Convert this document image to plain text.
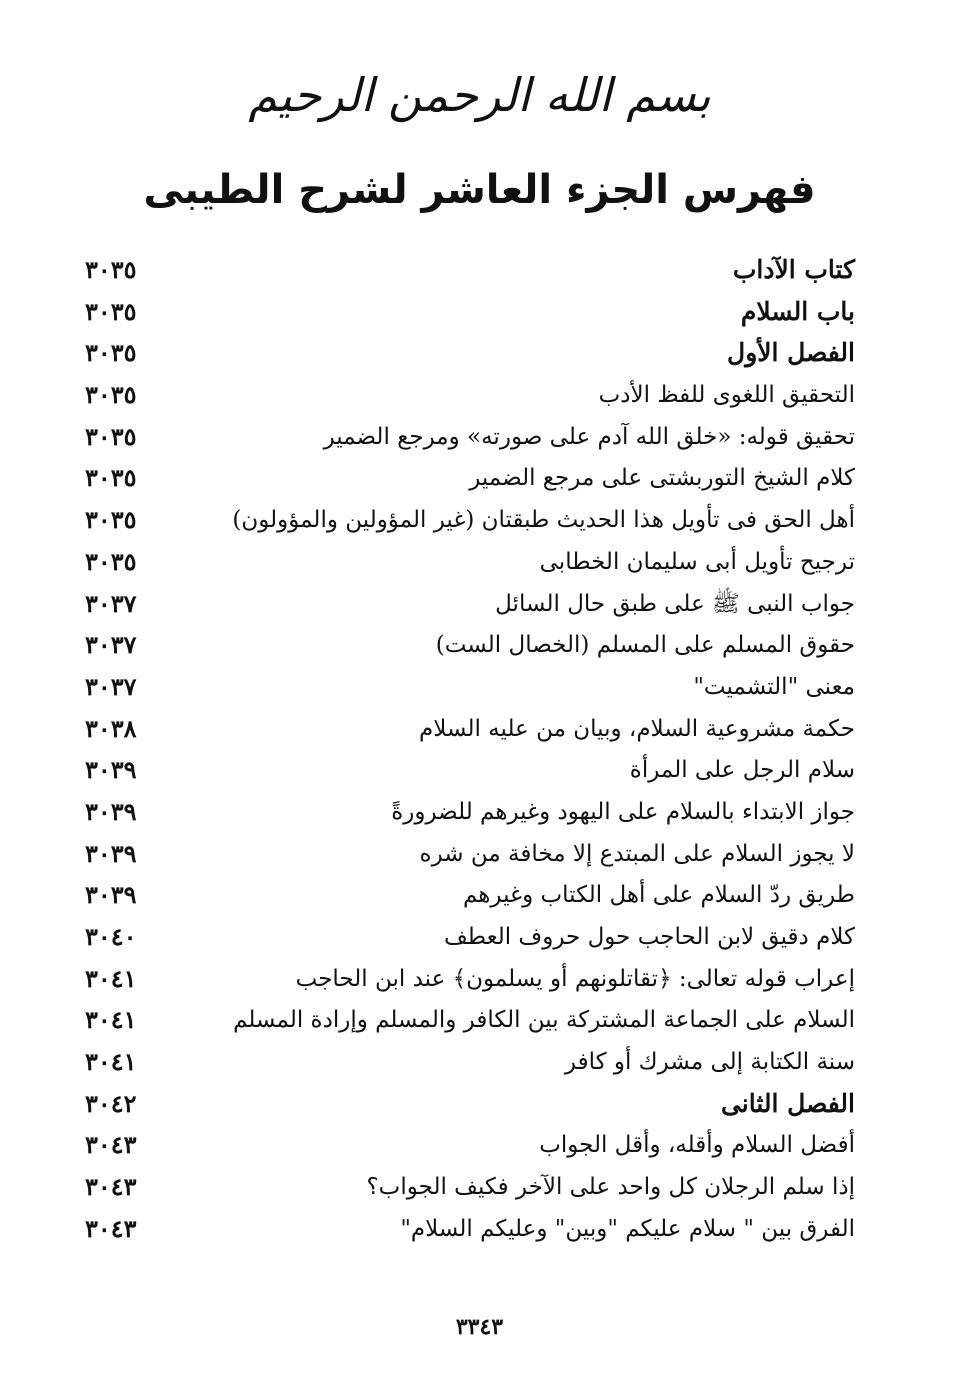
بسم الله الرحمن الرحيم
فهرس الجزء العاشر لشرح الطيبى
كتاب الآداب
٣٠٣٥
باب السلام
٣٠٣٥
الفصل الأول
٣٠٣٥
التحقيق اللغوى للفظ الأدب
٣٠٣٥
تحقيق قوله: «خلق الله آدم على صورته» ومرجع الضمير
٣٠٣٥
كلام الشيخ التوربشتى على مرجع الضمير
٣٠٣٥
أهل الحق فى تأويل هذا الحديث طبقتان (غير المؤولين والمؤولون)
٣٠٣٥
ترجيح تأويل أبى سليمان الخطابى
٣٠٣٥
جواب النبى ﷺ على طبق حال السائل
٣٠٣٧
حقوق المسلم على المسلم (الخصال الست)
٣٠٣٧
معنى "التشميت"
٣٠٣٧
حكمة مشروعية السلام، وبيان من عليه السلام
٣٠٣٨
سلام الرجل على المرأة
٣٠٣٩
جواز الابتداء بالسلام على اليهود وغيرهم للضرورةً
٣٠٣٩
لا يجوز السلام على المبتدع إلا مخافة من شره
٣٠٣٩
طريق ردّ السلام على أهل الكتاب وغيرهم
٣٠٣٩
كلام دقيق لابن الحاجب حول حروف العطف
٣٠٤٠
إعراب قوله تعالى: ﴿تقاتلونهم أو يسلمون﴾ عند ابن الحاجب
٣٠٤١
السلام على الجماعة المشتركة بين الكافر والمسلم وإرادة المسلم
٣٠٤١
سنة الكتابة إلى مشرك أو كافر
٣٠٤١
الفصل الثانى
٣٠٤٢
أفضل السلام وأقله، وأقل الجواب
٣٠٤٣
إذا سلم الرجلان كل واحد على الآخر فكيف الجواب؟
٣٠٤٣
الفرق بين " سلام عليكم "وبين" وعليكم السلام"
٣٠٤٣
٣٣٤٣
